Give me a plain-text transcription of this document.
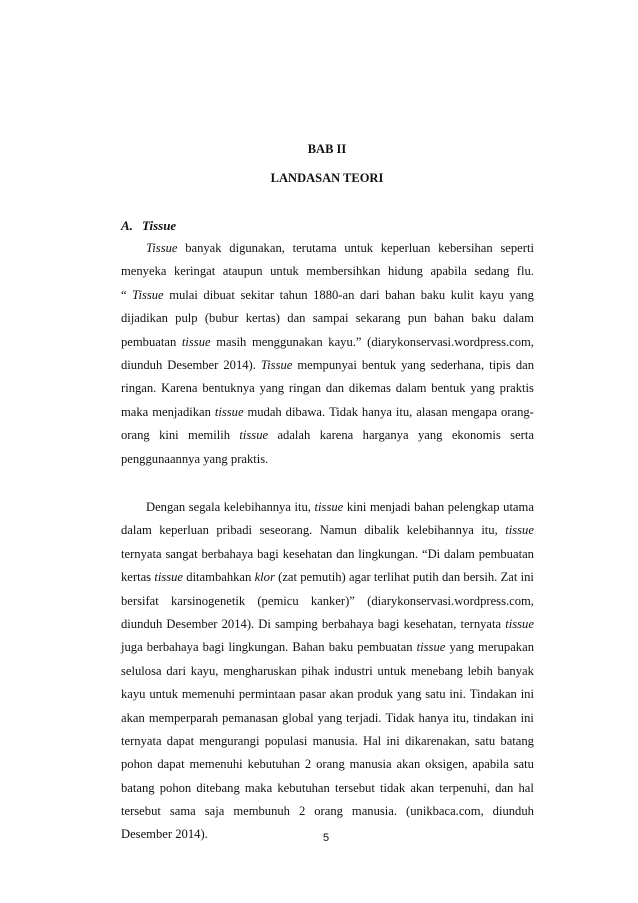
BAB II
LANDASAN TEORI
A. Tissue
Tissue banyak digunakan, terutama untuk keperluan kebersihan seperti
menyeka keringat ataupun untuk membersihkan hidung apabila sedang flu.
“ Tissue mulai dibuat sekitar tahun 1880-an dari bahan baku kulit kayu yang
dijadikan pulp (bubur kertas) dan sampai sekarang pun bahan baku dalam
pembuatan tissue masih menggunakan kayu.” (diarykonservasi.wordpress.com,
diunduh Desember 2014). Tissue mempunyai bentuk yang sederhana, tipis dan
ringan. Karena bentuknya yang ringan dan dikemas dalam bentuk yang praktis
maka menjadikan tissue mudah dibawa. Tidak hanya itu, alasan mengapa orang-
orang kini memilih tissue adalah karena harganya yang ekonomis serta
penggunaannya yang praktis.
Dengan segala kelebihannya itu, tissue kini menjadi bahan pelengkap utama
dalam keperluan pribadi seseorang. Namun dibalik kelebihannya itu, tissue
ternyata sangat berbahaya bagi kesehatan dan lingkungan. “Di dalam pembuatan
kertas tissue ditambahkan klor (zat pemutih) agar terlihat putih dan bersih. Zat ini
bersifat karsinogenetik (pemicu kanker)” (diarykonservasi.wordpress.com,
diunduh Desember 2014). Di samping berbahaya bagi kesehatan, ternyata tissue
juga berbahaya bagi lingkungan. Bahan baku pembuatan tissue yang merupakan
selulosa dari kayu, mengharuskan pihak industri untuk menebang lebih banyak
kayu untuk memenuhi permintaan pasar akan produk yang satu ini. Tindakan ini
akan memperparah pemanasan global yang terjadi. Tidak hanya itu, tindakan ini
ternyata dapat mengurangi populasi manusia. Hal ini dikarenakan, satu batang
pohon dapat memenuhi kebutuhan 2 orang manusia akan oksigen, apabila satu
batang pohon ditebang maka kebutuhan tersebut tidak akan terpenuhi, dan hal
tersebut sama saja membunuh 2 orang manusia. (unikbaca.com, diunduh
Desember 2014).	5
